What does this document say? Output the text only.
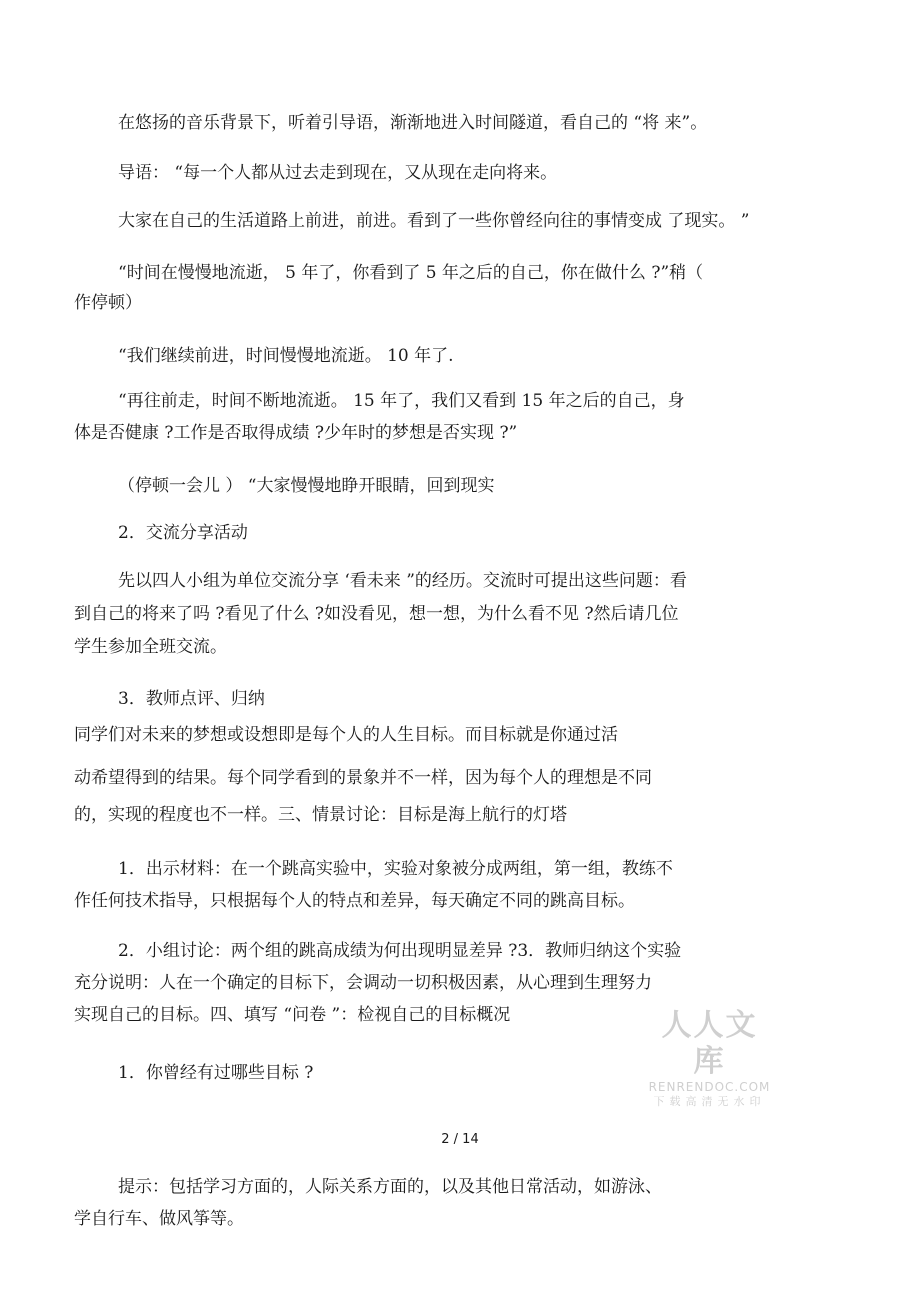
在悠扬的音乐背景下，听着引导语，渐渐地进入时间隧道，看自己的 “将 来”。
导语： “每一个人都从过去走到现在，又从现在走向将来。
大家在自己的生活道路上前进，前进。看到了一些你曾经向往的事情变成 了现实。 ”
“时间在慢慢地流逝， 5 年了，你看到了 5 年之后的自己，你在做什么 ?”稍（
作停顿）
“我们继续前进，时间慢慢地流逝。 10 年了.
“再往前走，时间不断地流逝。 15 年了，我们又看到 15 年之后的自己，身
体是否健康 ?工作是否取得成绩 ?少年时的梦想是否实现 ?”
（停顿一会儿 ） “大家慢慢地睁开眼睛，回到现实
2．交流分享活动
先以四人小组为单位交流分享 ‘看未来 ”的经历。交流时可提出这些问题：看
到自己的将来了吗 ?看见了什么 ?如没看见，想一想，为什么看不见 ?然后请几位
学生参加全班交流。
3．教师点评、归纳
同学们对未来的梦想或设想即是每个人的人生目标。而目标就是你通过活
动希望得到的结果。每个同学看到的景象并不一样，因为每个人的理想是不同
的，实现的程度也不一样。三、情景讨论：目标是海上航行的灯塔
1．出示材料：在一个跳高实验中，实验对象被分成两组，第一组，教练不
作任何技术指导，只根据每个人的特点和差异，每天确定不同的跳高目标。
2．小组讨论：两个组的跳高成绩为何出现明显差异 ?3．教师归纳这个实验
充分说明：人在一个确定的目标下，会调动一切积极因素，从心理到生理努力
实现自己的目标。四、填写 “问卷 ”：检视自己的目标概况
1．你曾经有过哪些目标 ?
2 / 14
提示：包括学习方面的，人际关系方面的，以及其他日常活动，如游泳、
学自行车、做风筝等。
人人文库
RENRENDOC.COM
下载高清无水印
